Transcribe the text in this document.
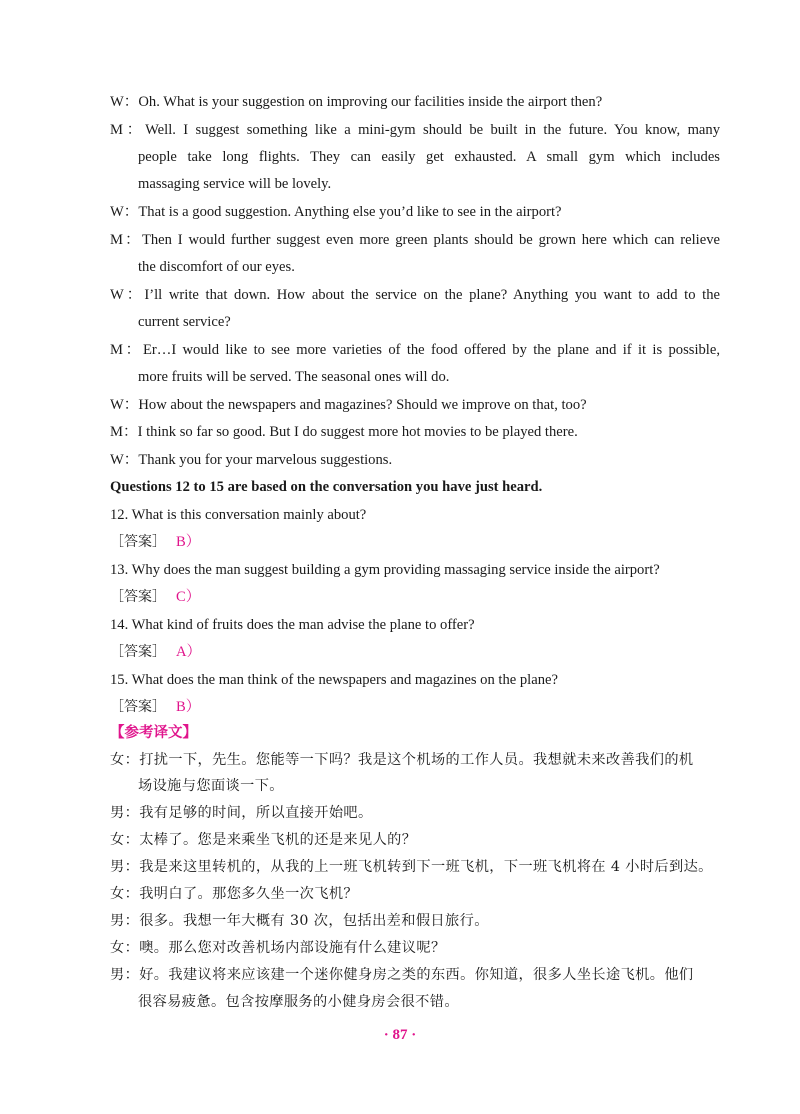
W：Oh. What is your suggestion on improving our facilities inside the airport then?
M：Well. I suggest something like a mini-gym should be built in the future. You know, many
people take long flights. They can easily get exhausted. A small gym which includes
massaging service will be lovely.
W：That is a good suggestion. Anything else you’d like to see in the airport?
M：Then I would further suggest even more green plants should be grown here which can relieve
the discomfort of our eyes.
W：I’ll write that down. How about the service on the plane? Anything you want to add to the
current service?
M：Er…I would like to see more varieties of the food offered by the plane and if it is possible,
more fruits will be served. The seasonal ones will do.
W：How about the newspapers and magazines? Should we improve on that, too?
M：I think so far so good. But I do suggest more hot movies to be played there.
W：Thank you for your marvelous suggestions.
Questions 12 to 15 are based on the conversation you have just heard.
12. What is this conversation mainly about?
［答案］ B）
13. Why does the man suggest building a gym providing massaging service inside the airport?
［答案］ C）
14. What kind of fruits does the man advise the plane to offer?
［答案］ A）
15. What does the man think of the newspapers and magazines on the plane?
［答案］ B）
【参考译文】
女：打扰一下，先生。您能等一下吗？我是这个机场的工作人员。我想就未来改善我们的机
场设施与您面谈一下。
男：我有足够的时间，所以直接开始吧。
女：太棒了。您是来乘坐飞机的还是来见人的？
男：我是来这里转机的，从我的上一班飞机转到下一班飞机，下一班飞机将在 4 小时后到达。
女：我明白了。那您多久坐一次飞机？
男：很多。我想一年大概有 30 次，包括出差和假日旅行。
女：噢。那么您对改善机场内部设施有什么建议呢？
男：好。我建议将来应该建一个迷你健身房之类的东西。你知道，很多人坐长途飞机。他们
很容易疲惫。包含按摩服务的小健身房会很不错。
· 87 ·
